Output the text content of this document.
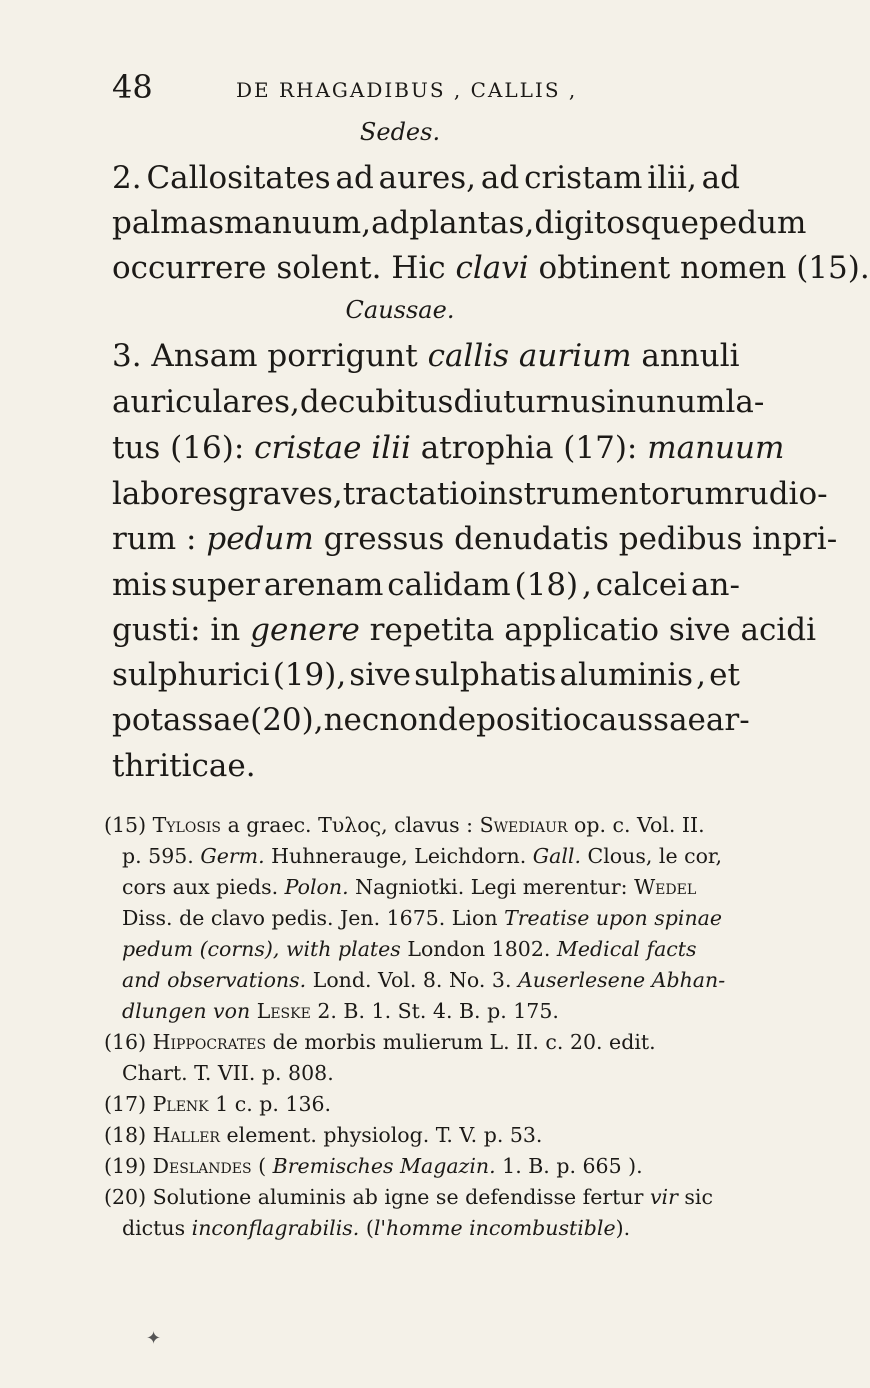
48	DE RHAGADIBUS , CALLIS ,
Sedes.
2. Callositates ad aures, ad cristam ilii, ad
palmas manuum, ad plantas, digitosque pedum
occurrere solent. Hic clavi obtinent nomen (15).
Caussae.
3. Ansam porrigunt callis aurium annuli
auriculares, decubitus diuturnus in unum la-
tus (16): cristae ilii atrophia (17): manuum
labores graves, tractatio instrumentorum rudio-
rum : pedum gressus denudatis pedibus inpri-
mis super arenam calidam (18) , calcei an-
gusti: in genere repetita applicatio sive acidi
sulphurici (19), sive sulphatis aluminis , et
potassae (20), nec non depositio caussae ar-
thriticae.
(15) Tylosis a graec. Τυλος, clavus : Swediaur op. c. Vol. II.
p. 595. Germ. Huhnerauge, Leichdorn. Gall. Clous, le cor,
cors aux pieds. Polon. Nagniotki. Legi merentur: Wedel
Diss. de clavo pedis. Jen. 1675. Lion Treatise upon spinae
pedum (corns), with plates London 1802. Medical facts
and observations. Lond. Vol. 8. No. 3. Auserlesene Abhan-
dlungen von Leske 2. B. 1. St. 4. B. p. 175.
(16) Hippocrates de morbis mulierum L. II. c. 20. edit.
Chart. T. VII. p. 808.
(17) Plenk 1 c. p. 136.
(18) Haller element. physiolog. T. V. p. 53.
(19) Deslandes ( Bremisches Magazin. 1. B. p. 665 ).
(20) Solutione aluminis ab igne se defendisse fertur vir sic
dictus inconflagrabilis. (l'homme incombustible).
✦
